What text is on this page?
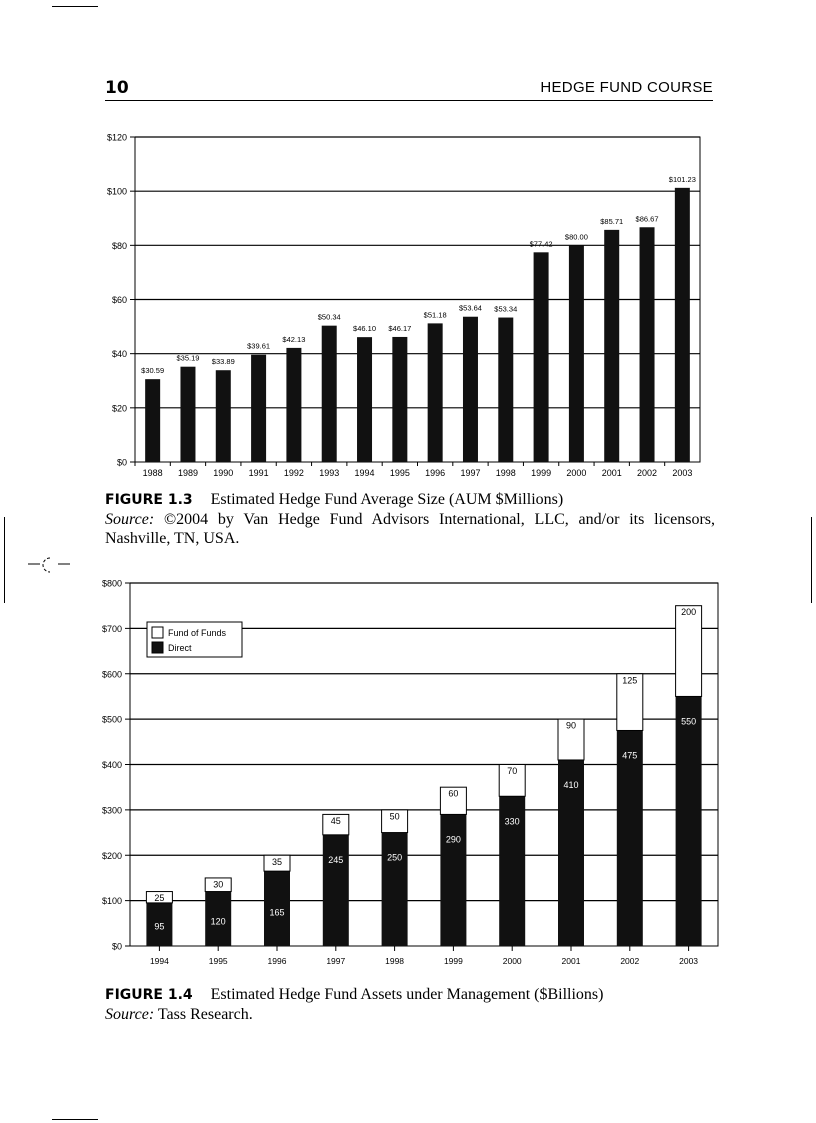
10	HEDGE FUND COURSE
$0
$20
$40
$60
$80
$100
$120
$30.59
1988
$35.19
1989
$33.89
1990
$39.61
1991
$42.13
1992
$50.34
1993
$46.10
1994
$46.17
1995
$51.18
1996
$53.64
1997
$53.34
1998
$77.42
1999
$80.00
2000
$85.71
2001
$86.67
2002
$101.23
2003
FIGURE 1.3 Estimated Hedge Fund Average Size (AUM $Millions)
Source: ©2004 by Van Hedge Fund Advisors International, LLC, and/or its licensors, Nashville, TN, USA.
$0
$100
$200
$300
$400
$500
$600
$700
$800
25
95
1994
30
120
1995
35
165
1996
45
245
1997
50
250
1998
60
290
1999
70
330
2000
90
410
2001
125
475
2002
200
550
2003
Fund of Funds
Direct
FIGURE 1.4 Estimated Hedge Fund Assets under Management ($Billions)
Source: Tass Research.
